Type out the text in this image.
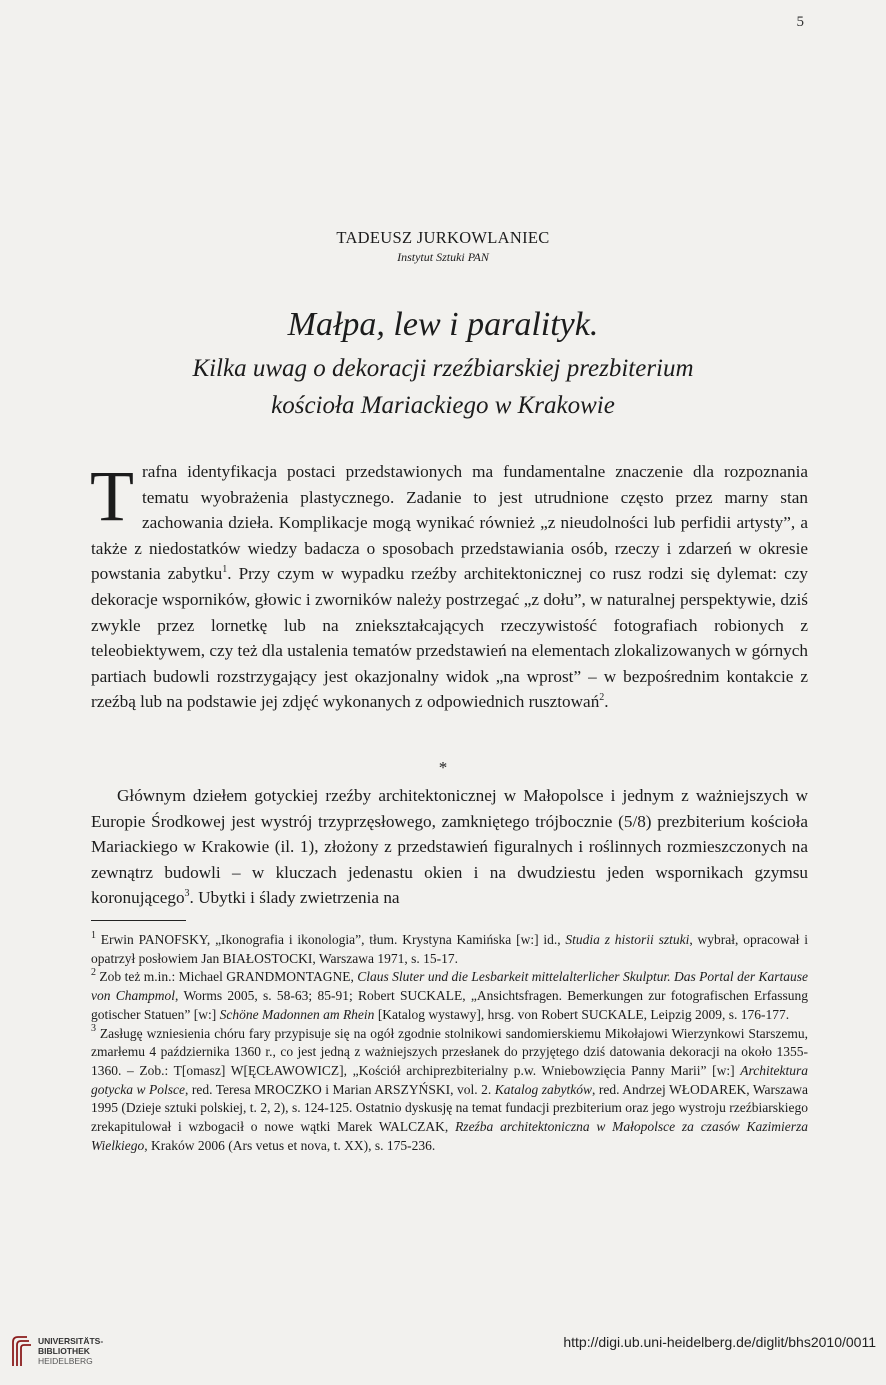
5
TADEUSZ JURKOWLANIEC
Instytut Sztuki PAN
Małpa, lew i paralityk.
Kilka uwag o dekoracji rzeźbiarskiej prezbiterium
kościoła Mariackiego w Krakowie

Trafna identyfikacja postaci przedstawionych ma fundamentalne znaczenie dla rozpoznania tematu wyobrażenia plastycznego. Zadanie to jest utrudnione często przez marny stan zachowania dzieła. Komplikacje mogą wynikać również „z nieudolności lub perfidii artysty”, a także z niedostatków wiedzy badacza o sposobach przedstawiania osób, rzeczy i zdarzeń w okresie powstania zabytku$^1$. Przy czym w wypadku rzeźby architektonicznej co rusz rodzi się dylemat: czy dekoracje wsporników, głowic i zworników należy postrzegać „z dołu”, w naturalnej perspektywie, dziś zwykle przez lornetkę lub na zniekształcających rzeczywistość fotografiach robionych z teleobiektywem, czy też dla ustalenia tematów przedstawień na elementach zlokalizowanych w górnych partiach budowli rozstrzygający jest okazjonalny widok „na wprost” – w bezpośrednim kontakcie z rzeźbą lub na podstawie jej zdjęć wykonanych z odpowiednich rusztowań$^2$.

*

Głównym dziełem gotyckiej rzeźby architektonicznej w Małopolsce i jednym z ważniejszych w Europie Środkowej jest wystrój trzyprzęsłowego, zamkniętego trójbocznie (5/8) prezbiterium kościoła Mariackiego w Krakowie (il. 1), złożony z przedstawień figuralnych i roślinnych rozmieszczonych na zewnątrz budowli – w kluczach jedenastu okien i na dwudziestu jeden wspornikach gzymsu koronującego$^3$. Ubytki i ślady zwietrzenia na

$^1$ Erwin PANOFSKY, „Ikonografia i ikonologia”, tłum. Krystyna Kamińska [w:] id., Studia z historii sztuki, wybrał, opracował i opatrzył posłowiem Jan BIAŁOSTOCKI, Warszawa 1971, s. 15-17.

$^2$ Zob też m.in.: Michael GRANDMONTAGNE, Claus Sluter und die Lesbarkeit mittelalterlicher Skulptur. Das Portal der Kartause von Champmol, Worms 2005, s. 58-63; 85-91; Robert SUCKALE, „Ansichtsfragen. Bemerkungen zur fotografischen Erfassung gotischer Statuen” [w:] Schöne Madonnen am Rhein [Katalog wystawy], hrsg. von Robert SUCKALE, Leipzig 2009, s. 176-177.

$^3$ Zasługę wzniesienia chóru fary przypisuje się na ogół zgodnie stolnikowi sandomierskiemu Mikołajowi Wierzynkowi Starszemu, zmarłemu 4 października 1360 r., co jest jedną z ważniejszych przesłanek do przyjętego dziś datowania dekoracji na około 1355-1360. – Zob.: T[omasz] W[ĘCŁAWOWICZ], „Kościół archiprezbiterialny p.w. Wniebowzięcia Panny Marii” [w:] Architektura gotycka w Polsce, red. Teresa MROCZKO i Marian ARSZYŃSKI, vol. 2. Katalog zabytków, red. Andrzej WŁODAREK, Warszawa 1995 (Dzieje sztuki polskiej, t. 2, 2), s. 124-125. Ostatnio dyskusję na temat fundacji prezbiterium oraz jego wystroju rzeźbiarskiego zrekapitulował i wzbogacił o nowe wątki Marek WALCZAK, Rzeźba architektoniczna w Małopolsce za czasów Kazimierza Wielkiego, Kraków 2006 (Ars vetus et nova, t. XX), s. 175-236.

UNIVERSITÄTS-
BIBLIOTHEK
HEIDELBERG
http://digi.ub.uni-heidelberg.de/diglit/bhs2010/0011
